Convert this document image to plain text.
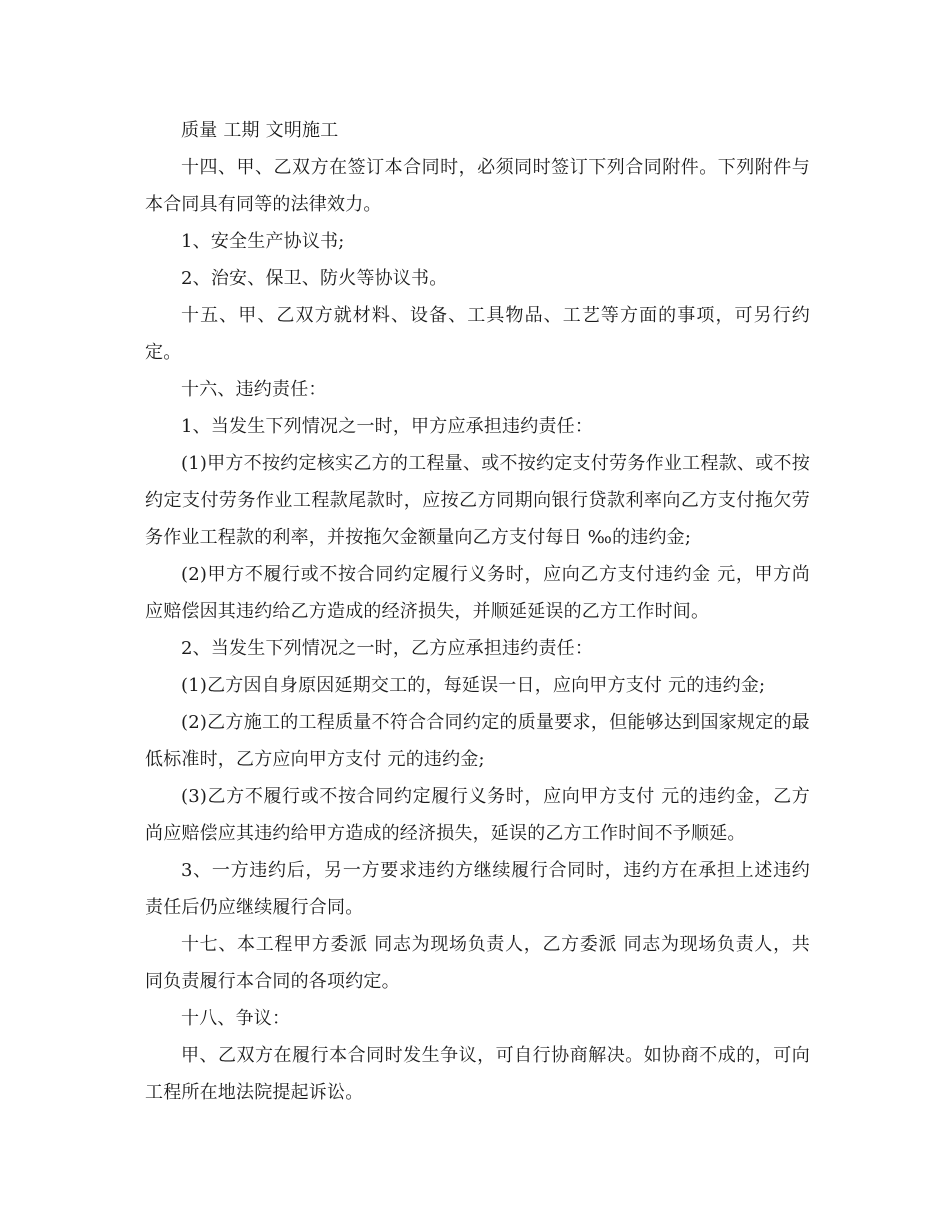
质量 工期 文明施工

十四、甲、乙双方在签订本合同时，必须同时签订下列合同附件。下列附件与本合同具有同等的法律效力。

1、安全生产协议书;

2、治安、保卫、防火等协议书。

十五、甲、乙双方就材料、设备、工具物品、工艺等方面的事项，可另行约定。

十六、违约责任：

1、当发生下列情况之一时，甲方应承担违约责任：

(1)甲方不按约定核实乙方的工程量、或不按约定支付劳务作业工程款、或不按约定支付劳务作业工程款尾款时，应按乙方同期向银行贷款利率向乙方支付拖欠劳务作业工程款的利率，并按拖欠金额量向乙方支付每日 ‰的违约金;

(2)甲方不履行或不按合同约定履行义务时，应向乙方支付违约金 元，甲方尚应赔偿因其违约给乙方造成的经济损失，并顺延延误的乙方工作时间。

2、当发生下列情况之一时，乙方应承担违约责任：

(1)乙方因自身原因延期交工的，每延误一日，应向甲方支付 元的违约金;

(2)乙方施工的工程质量不符合合同约定的质量要求，但能够达到国家规定的最低标准时，乙方应向甲方支付 元的违约金;

(3)乙方不履行或不按合同约定履行义务时，应向甲方支付 元的违约金，乙方尚应赔偿应其违约给甲方造成的经济损失，延误的乙方工作时间不予顺延。

3、一方违约后，另一方要求违约方继续履行合同时，违约方在承担上述违约责任后仍应继续履行合同。

十七、本工程甲方委派 同志为现场负责人，乙方委派 同志为现场负责人，共同负责履行本合同的各项约定。

十八、争议：

甲、乙双方在履行本合同时发生争议，可自行协商解决。如协商不成的，可向工程所在地法院提起诉讼。
